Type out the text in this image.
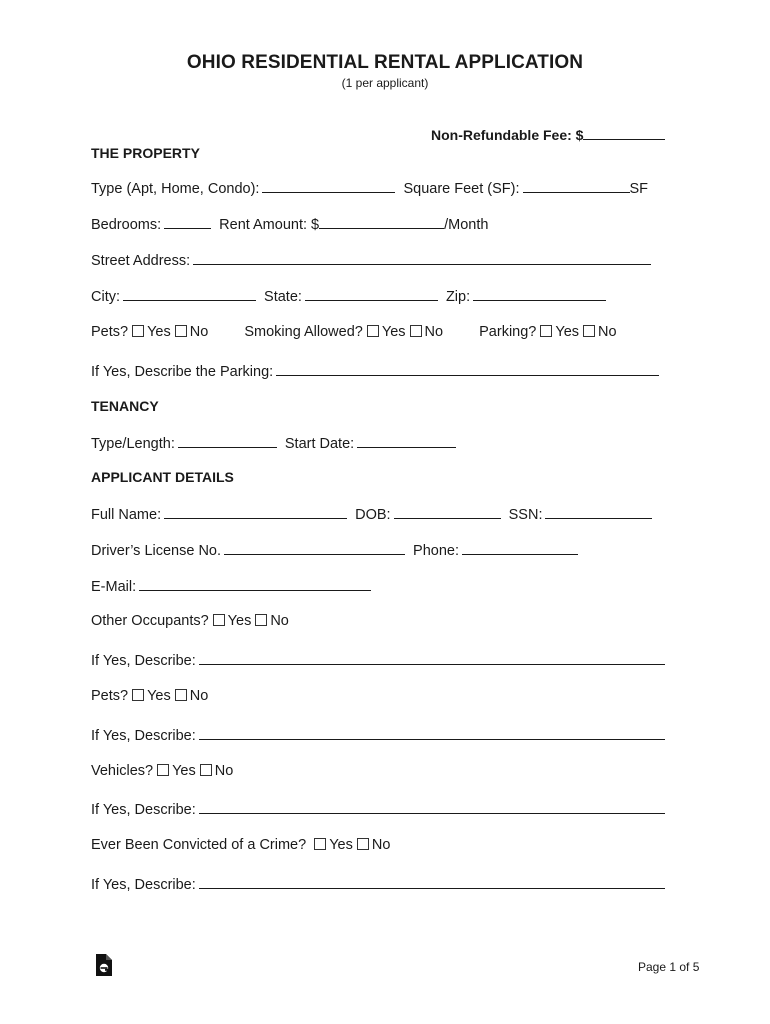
OHIO RESIDENTIAL RENTAL APPLICATION
(1 per applicant)
Non-Refundable Fee: $
THE PROPERTY
Type (Apt, Home, Condo):	Square Feet (SF):	SF
Bedrooms:	Rent Amount: $	/Month
Street Address:
City:	State:	Zip:
Pets? Yes No Smoking Allowed? Yes No Parking? Yes No
If Yes, Describe the Parking:
TENANCY
Type/Length:	Start Date:
APPLICANT DETAILS
Full Name:	DOB:	SSN:
Driver’s License No.	Phone:
E-Mail:
Other Occupants? Yes No
If Yes, Describe:
Pets? Yes No
If Yes, Describe:
Vehicles? Yes No
If Yes, Describe:
Ever Been Convicted of a Crime? Yes No
If Yes, Describe:
Page 1 of 5
